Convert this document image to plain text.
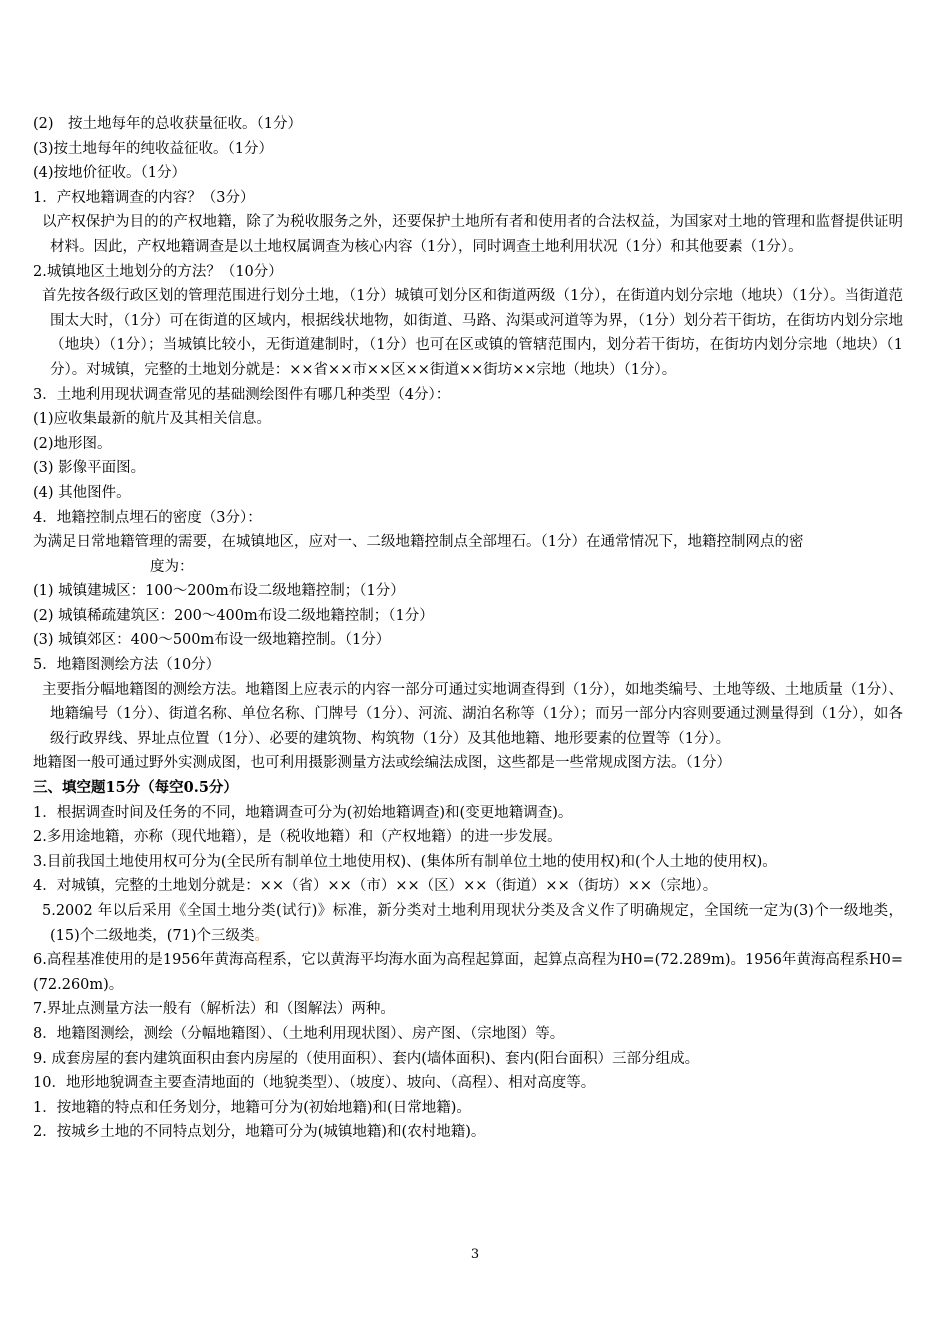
(2)　按土地每年的总收获量征收。（1分）
(3)按土地每年的纯收益征收。（1分）
(4)按地价征收。（1分）
1．产权地籍调查的内容？（3分）
以产权保护为目的的产权地籍，除了为税收服务之外，还要保护土地所有者和使用者的合法权益，为国家对土地的管理和监督提供证明材料。因此，产权地籍调查是以土地权属调查为核心内容（1分），同时调查土地利用状况（1分）和其他要素（1分）。
2.城镇地区土地划分的方法？（10分）
首先按各级行政区划的管理范围进行划分土地，（1分）城镇可划分区和街道两级（1分），在街道内划分宗地（地块）（1分）。当街道范围太大时，（1分）可在街道的区域内，根据线状地物，如街道、马路、沟渠或河道等为界，（1分）划分若干街坊，在街坊内划分宗地（地块）（1分）；当城镇比较小，无街道建制时，（1分）也可在区或镇的管辖范围内，划分若干街坊，在街坊内划分宗地（地块）（1分）。对城镇，完整的土地划分就是：××省××市××区××街道××街坊××宗地（地块）（1分）。
3．土地利用现状调查常见的基础测绘图件有哪几种类型（4分）：
(1)应收集最新的航片及其相关信息。
(2)地形图。
(3) 影像平面图。
(4) 其他图件。
4．地籍控制点埋石的密度（3分）：
为满足日常地籍管理的需要，在城镇地区，应对一、二级地籍控制点全部埋石。（1分）在通常情况下，地籍控制网点的密
度为：
(1) 城镇建城区：100～200m布设二级地籍控制；（1分）
(2) 城镇稀疏建筑区：200～400m布设二级地籍控制；（1分）
(3) 城镇郊区：400～500m布设一级地籍控制。（1分）
5．地籍图测绘方法（10分）
主要指分幅地籍图的测绘方法。地籍图上应表示的内容一部分可通过实地调查得到（1分），如地类编号、土地等级、土地质量（1分）、地籍编号（1分）、街道名称、单位名称、门牌号（1分）、河流、湖泊名称等（1分）；而另一部分内容则要通过测量得到（1分），如各级行政界线、界址点位置（1分）、必要的建筑物、构筑物（1分）及其他地籍、地形要素的位置等（1分）。
地籍图一般可通过野外实测成图，也可利用摄影测量方法或绘编法成图，这些都是一些常规成图方法。（1分）
三、填空题15分（每空0.5分）
1．根据调查时间及任务的不同，地籍调查可分为(初始地籍调查)和(变更地籍调查)。
2.多用途地籍，亦称（现代地籍），是（税收地籍）和（产权地籍）的进一步发展。
3.目前我国土地使用权可分为(全民所有制单位土地使用权)、(集体所有制单位土地的使用权)和(个人土地的使用权)。
4．对城镇，完整的土地划分就是：××（省）××（市）××（区）××（街道）××（街坊）××（宗地）。
5.2002 年以后采用《全国土地分类(试行)》标准，新分类对土地利用现状分类及含义作了明确规定，全国统一定为(3)个一级地类，(15)个二级地类，(71)个三级类。
6.高程基准使用的是1956年黄海高程系，它以黄海平均海水面为高程起算面，起算点高程为H0=(72.289m)。1956年黄海高程系H0=(72.260m)。
7.界址点测量方法一般有（解析法）和（图解法）两种。
8．地籍图测绘，测绘（分幅地籍图）、（土地利用现状图）、房产图、（宗地图）等。
9. 成套房屋的套内建筑面积由套内房屋的（使用面积）、套内(墙体面积)、套内(阳台面积）三部分组成。
10．地形地貌调查主要查清地面的（地貌类型）、（坡度）、坡向、（高程）、相对高度等。
1．按地籍的特点和任务划分，地籍可分为(初始地籍)和(日常地籍)。
2．按城乡土地的不同特点划分，地籍可分为(城镇地籍)和(农村地籍)。
3
